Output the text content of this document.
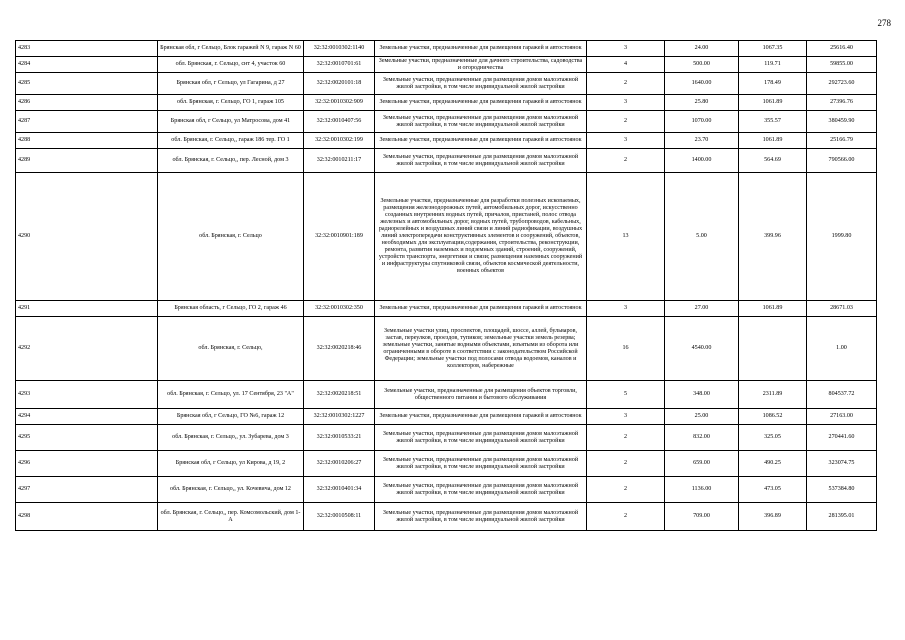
278
4283	Брянская обл, г Сельцо, Блок гаражей N 9, гараж N 60	32:32:0010302:1140	Земельные участки, предназначенные для размещения гаражей и автостоянок	3	24.00	1067.35	25616.40
4284	обл. Брянская, г. Сельцо, снт 4, участок 60	32:32:0010701:61	Земельные участки, предназначенные для дачного строительства, садоводства и огородничества	4	500.00	119.71	59855.00
4285	Брянская обл, г Сельцо, ул Гагарина, д 27	32:32:0020101:18	Земельные участки, предназначенные для размещения домов малоэтажной жилой застройки, в том числе индивидуальной жилой застройки	2	1640.00	178.49	292723.60
4286	обл. Брянская, г. Сельцо, ГО 1, гараж 105	32:32:0010302:909	Земельные участки, предназначенные для размещения гаражей и автостоянок	3	25.80	1061.89	27396.76
4287	Брянская обл, г Сельцо, ул Матросова, дом 41	32:32:0010407:56	Земельные участки, предназначенные для размещения домов малоэтажной жилой застройки, в том числе индивидуальной жилой застройки	2	1070.00	355.57	380459.90
4288	обл. Брянская, г. Сельцо,, гараж 186 тер. ГО 1	32:32:0010302:199	Земельные участки, предназначенные для размещения гаражей и автостоянок	3	23.70	1061.89	25166.79
4289	обл. Брянская, г. Сельцо,, пер. Лесной, дом 3	32:32:0010211:17	Земельные участки, предназначенные для размещения домов малоэтажной жилой застройки, в том числе индивидуальной жилой застройки	2	1400.00	564.69	790566.00
4290	обл. Брянская, г. Сельцо	32:32:0010901:189	Земельные участки, предназначенные для разработки полезных ископаемых, размещения железнодорожных путей, автомобильных дорог, искусственно созданных внутренних водных путей, причалов, пристаней, полос отвода железных и автомобильных дорог, водных путей, трубопроводов, кабельных, радиорелейных и воздушных линий связи и линий радиофикации, воздушных линий электропередачи конструктивных элементов и сооружений, объектов, необходимых для эксплуатации,содержания, строительства, реконструкции, ремонта, развития наземных и подземных зданий, строений, сооружений, устройств транспорта, энергетики и связи; размещения наземных сооружений и инфраструктуры спутниковой связи, объектов космической деятельности, военных объектов	13	5.00	399.96	1999.80
4291	Брянская область, г Сельцо, ГО 2, гараж 46	32:32:0010302:350	Земельные участки, предназначенные для размещения гаражей и автостоянок	3	27.00	1061.89	28671.03
4292	обл. Брянская, г. Сельцо,	32:32:0020218:46	Земельные участки улиц, проспектов, площадей, шоссе, аллей, бульваров, застав, переулков, проездов, тупиков; земельные участки земель резерва; земельные участки, занятые водными объектами, изъятыми из оборота или ограниченными в обороте в соответствии с законодательством Российской Федерации; земельные участки под полосами отвода водоемов, каналов и коллекторов, набережные	16	4540.00		1.00
4293	обл. Брянская, г. Сельцо, ул. 17 Сентября, 23 "А"	32:32:0020218:51	Земельные участки, предназначенные для размещения объектов торговли, общественного питания и бытового обслуживания	5	348.00	2311.89	804537.72
4294	Брянская обл, г Сельцо, ГО №6, гараж 12	32:32:0010302:1227	Земельные участки, предназначенные для размещения гаражей и автостоянок	3	25.00	1086.52	27163.00
4295	обл. Брянская, г. Сельцо,, ул. Зубарева, дом 3	32:32:0010533:21	Земельные участки, предназначенные для размещения домов малоэтажной жилой застройки, в том числе индивидуальной жилой застройки	2	832.00	325.05	270441.60
4296	Брянская обл, г Сельцо, ул Кирова, д 19, 2	32:32:0010206:27	Земельные участки, предназначенные для размещения домов малоэтажной жилой застройки, в том числе индивидуальной жилой застройки	2	659.00	490.25	323074.75
4297	обл. Брянская, г. Сельцо,, ул. Кочевича, дом 12	32:32:0010401:34	Земельные участки, предназначенные для размещения домов малоэтажной жилой застройки, в том числе индивидуальной жилой застройки	2	1136.00	473.05	537384.80
4298	обл. Брянская, г. Сельцо,, пер. Комсомольский, дом 1-А	32:32:0010508:11	Земельные участки, предназначенные для размещения домов малоэтажной жилой застройки, в том числе индивидуальной жилой застройки	2	709.00	396.89	281395.01
